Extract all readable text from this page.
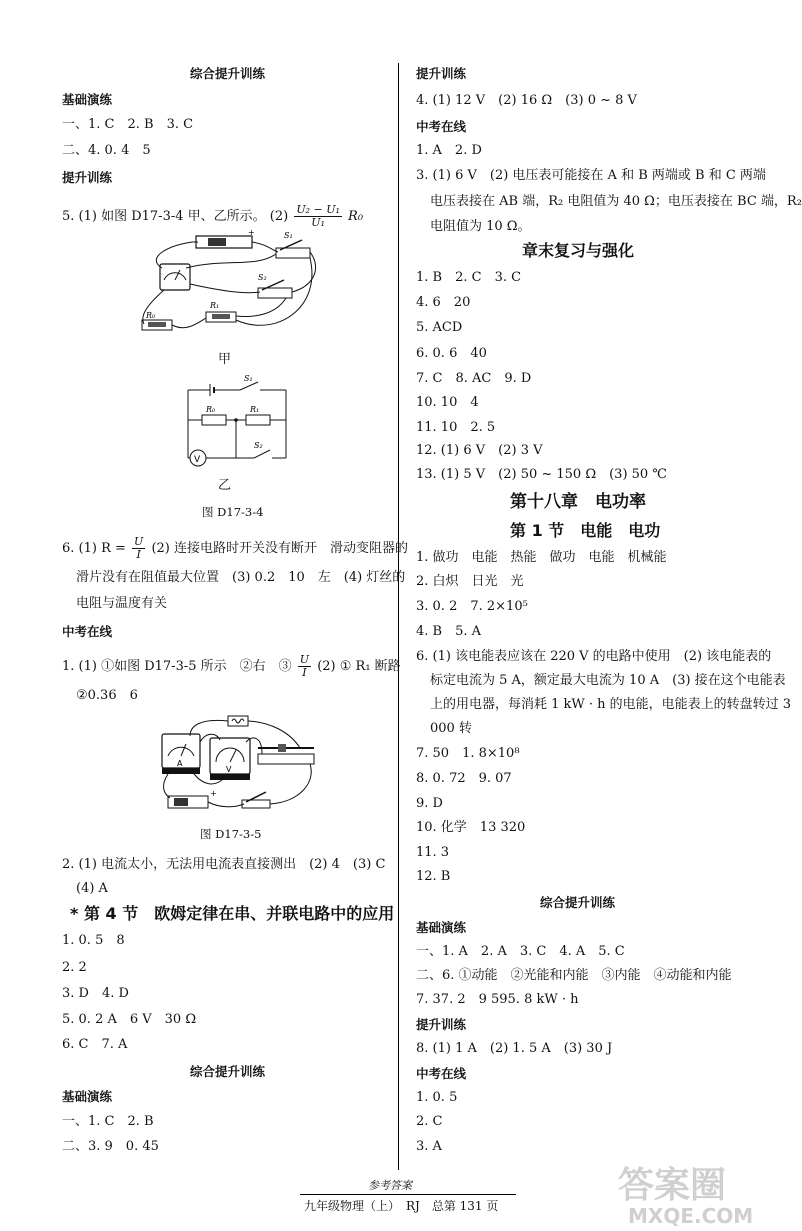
综合提升训练
基础演练
一、1. C　2. B　3. C
二、4. 0. 4　5
提升训练
5. (1) 如图 D17-3-4 甲、乙所示。 $(2) \frac{\text{U₂ − U₁}}{\text{U₁}} R_0$
+	S₁
S₂
R₀
R₁
甲
S₁
R₀	R₁
V
S₂
乙
图 D17-3-4
6. (1) $R = \frac{U}{I} (2)$ 连接电路时开关没有断开　滑动变阻器的
滑片没有在阻值最大位置　(3) 0.2　10　左　(4) 灯丝的
电阻与温度有关
中考在线
1. (1) ①如图 D17-3-5 所示　②右　③ $\frac{U}{I} (2)$ ① R₁ 断路
②0.36　6
A
V
+
图 D17-3-5
2. (1) 电流太小，无法用电流表直接测出　(2) 4　(3) C
(4) A
* 第 4 节　欧姆定律在串、并联电路中的应用
1. 0. 5　8
2. 2
3. D　4. D
5. 0. 2 A　6 V　30 Ω
6. C　7. A
综合提升训练
基础演练
一、1. C　2. B
二、3. 9　0. 45
提升训练
4. (1) 12 V　(2) 16 Ω　(3) 0 ~ 8 V
中考在线
1. A　2. D
3. (1) 6 V　(2) 电压表可能接在 A 和 B 两端或 B 和 C 两端
电压表接在 AB 端，R₂ 电阻值为 40 Ω；电压表接在 BC 端，R₂
电阻值为 10 Ω。
章末复习与强化
1. B　2. C　3. C
4. 6　20
5. ACD
6. 0. 6　40
7. C　8. AC　9. D
10. 10　4
11. 10　2. 5
12. (1) 6 V　(2) 3 V
13. (1) 5 V　(2) 50 ~ 150 Ω　(3) 50 ℃
第十八章　电功率
第 1 节　电能　电功
1. 做功　电能　热能　做功　电能　机械能
2. 白炽　日光　光
3. 0. 2　7. 2×10⁵
4. B　5. A
6. (1) 该电能表应该在 220 V 的电路中使用　(2) 该电能表的
标定电流为 5 A，额定最大电流为 10 A　(3) 接在这个电能表
上的用电器，每消耗 1 kW · h 的电能，电能表上的转盘转过 3
000 转
7. 50　1. 8×10⁸
8. 0. 72　9. 07
9. D
10. 化学　13 320
11. 3
12. B
综合提升训练
基础演练
一、1. A　2. A　3. C　4. A　5. C
二、6. ①动能　②光能和内能　③内能　④动能和内能
7. 37. 2　9 595. 8 kW · h
提升训练
8. (1) 1 A　(2) 1. 5 A　(3) 30 J
中考在线
1. 0. 5
2. C
3. A
参考答案
九年级物理（上）　RJ　总第 131 页	答案圈
MXQE.COM
